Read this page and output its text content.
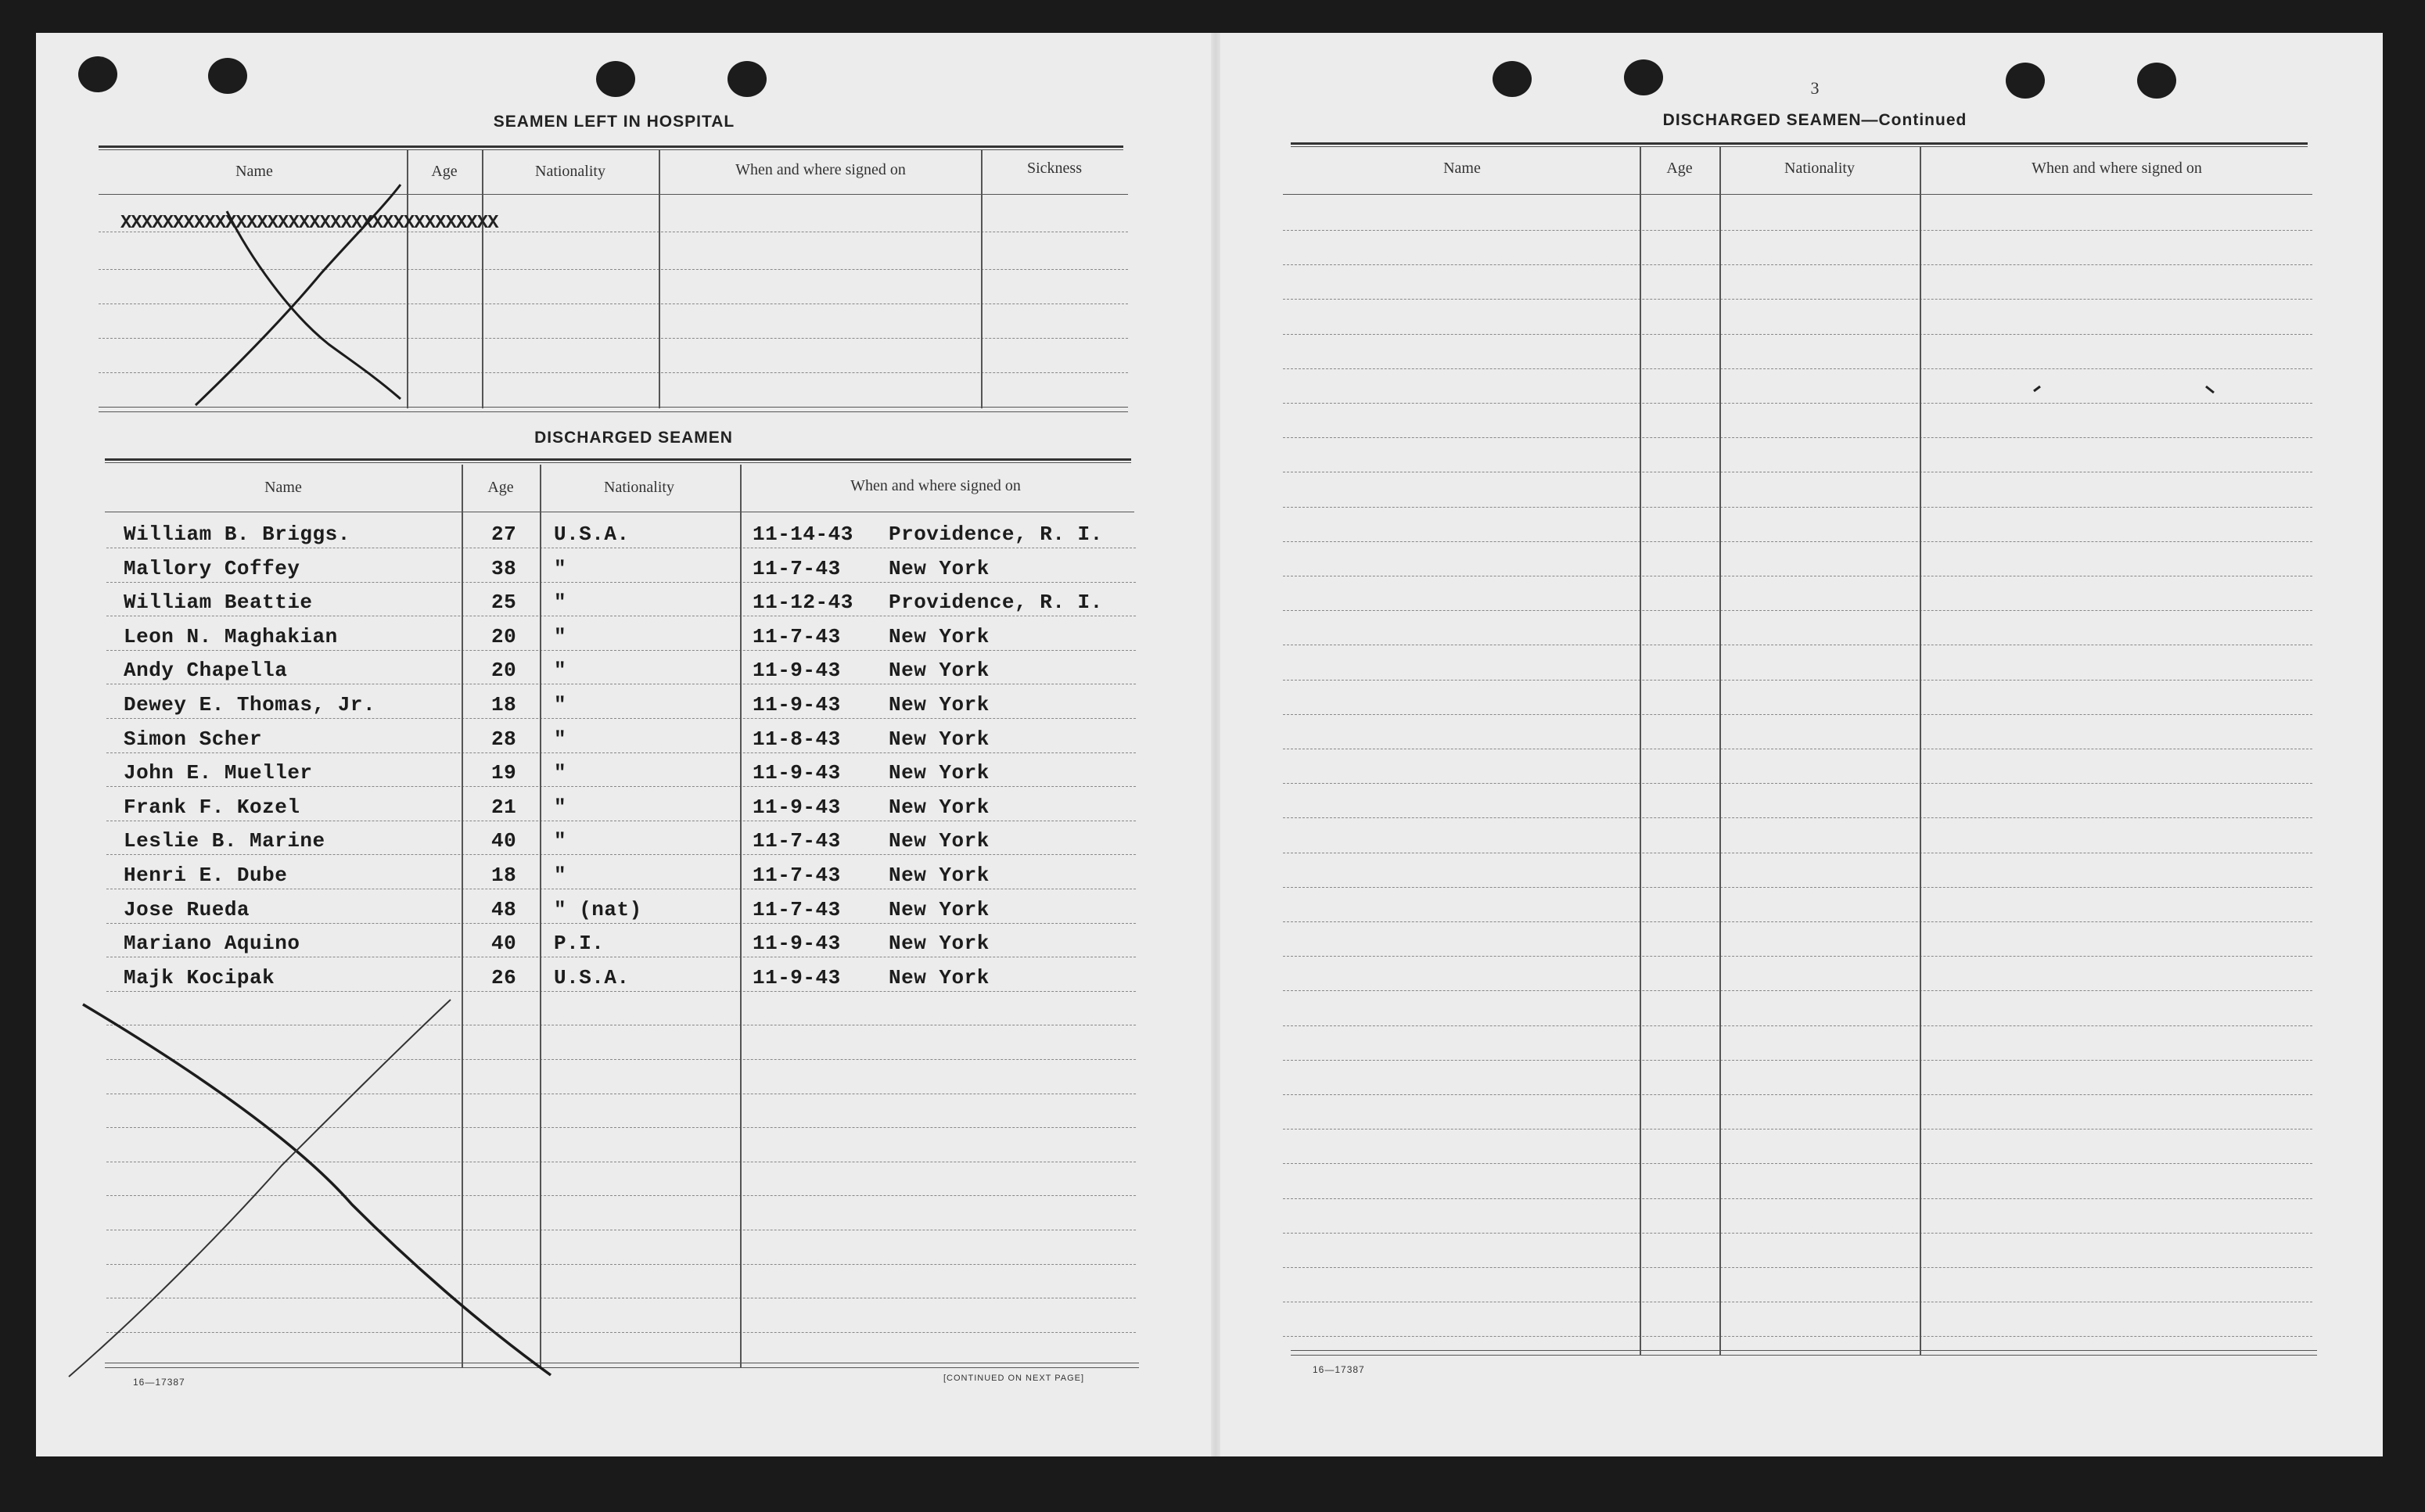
SEAMEN LEFT IN HOSPITAL
Name	Age	Nationality	When and where signed on	Sickness
XXXXXXXXXXXXXXXXXXXXXXXXXXXXXXXXXXXX
DISCHARGED SEAMEN
Name	Age	Nationality	When and where signed on
William B. Briggs.	27 U.S.A.	11-14-43 Providence, R. I.
Mallory Coffey	38 "	11-7-43 New York
William Beattie	25 "	11-12-43 Providence, R. I.
Leon N. Maghakian	20 "	11-7-43 New York
Andy Chapella	20 "	11-9-43 New York
Dewey E. Thomas, Jr.	18 "	11-9-43 New York
Simon Scher	28 "	11-8-43 New York
John E. Mueller	19 "	11-9-43 New York
Frank F. Kozel	21 "	11-9-43 New York
Leslie B. Marine	40 "	11-7-43 New York
Henri E. Dube	18 "	11-7-43 New York
Jose Rueda	48 " (nat)	11-7-43 New York
Mariano Aquino	40 P.I.	11-9-43 New York
Majk Kocipak	26 U.S.A.	11-9-43 New York
16—17387	[CONTINUED ON NEXT PAGE]
3
DISCHARGED SEAMEN—Continued
Name	Age	Nationality	When and where signed on
16—17387
